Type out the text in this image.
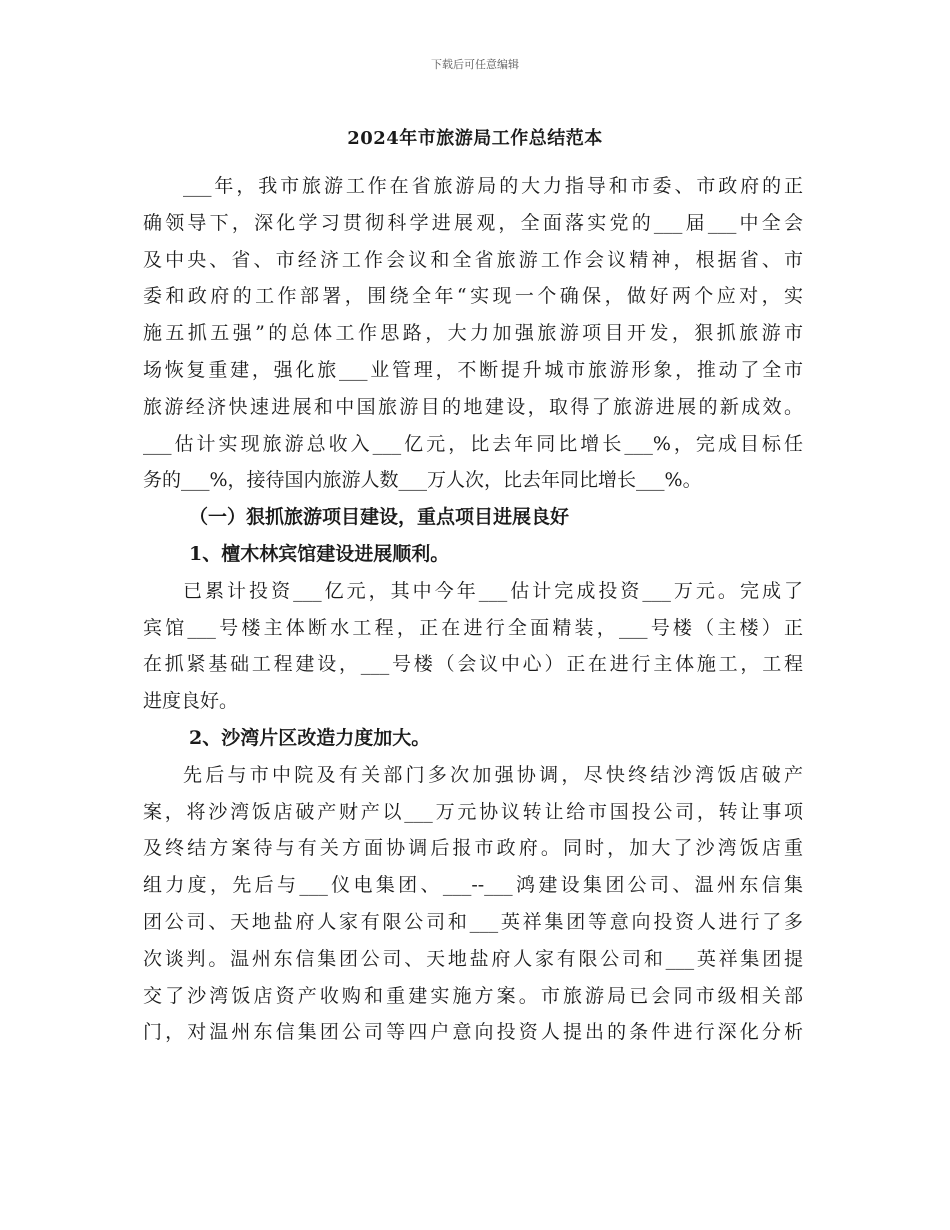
下载后可任意编辑
2024年市旅游局工作总结范本
___年，我市旅游工作在省旅游局的大力指导和市委、市政府的正
确领导下，深化学习贯彻科学进展观，全面落实党的___届___中全会
及中央、省、市经济工作会议和全省旅游工作会议精神，根据省、市
委和政府的工作部署，围绕全年“实现一个确保，做好两个应对，实
施五抓五强”的总体工作思路，大力加强旅游项目开发，狠抓旅游市
场恢复重建，强化旅___业管理，不断提升城市旅游形象，推动了全市
旅游经济快速进展和中国旅游目的地建设，取得了旅游进展的新成效。
___估计实现旅游总收入___亿元，比去年同比增长___%，完成目标任
务的___%，接待国内旅游人数___万人次，比去年同比增长___%。
（一）狠抓旅游项目建设，重点项目进展良好
1、檀木林宾馆建设进展顺利。
已累计投资___亿元，其中今年___估计完成投资___万元。完成了
宾馆___号楼主体断水工程，正在进行全面精装，___号楼（主楼）正
在抓紧基础工程建设，___号楼（会议中心）正在进行主体施工，工程
进度良好。
2、沙湾片区改造力度加大。
先后与市中院及有关部门多次加强协调，尽快终结沙湾饭店破产
案，将沙湾饭店破产财产以___万元协议转让给市国投公司，转让事项
及终结方案待与有关方面协调后报市政府。同时，加大了沙湾饭店重
组力度，先后与___仪电集团、___--___鸿建设集团公司、温州东信集
团公司、天地盐府人家有限公司和___英祥集团等意向投资人进行了多
次谈判。温州东信集团公司、天地盐府人家有限公司和___英祥集团提
交了沙湾饭店资产收购和重建实施方案。市旅游局已会同市级相关部
门，对温州东信集团公司等四户意向投资人提出的条件进行深化分析
